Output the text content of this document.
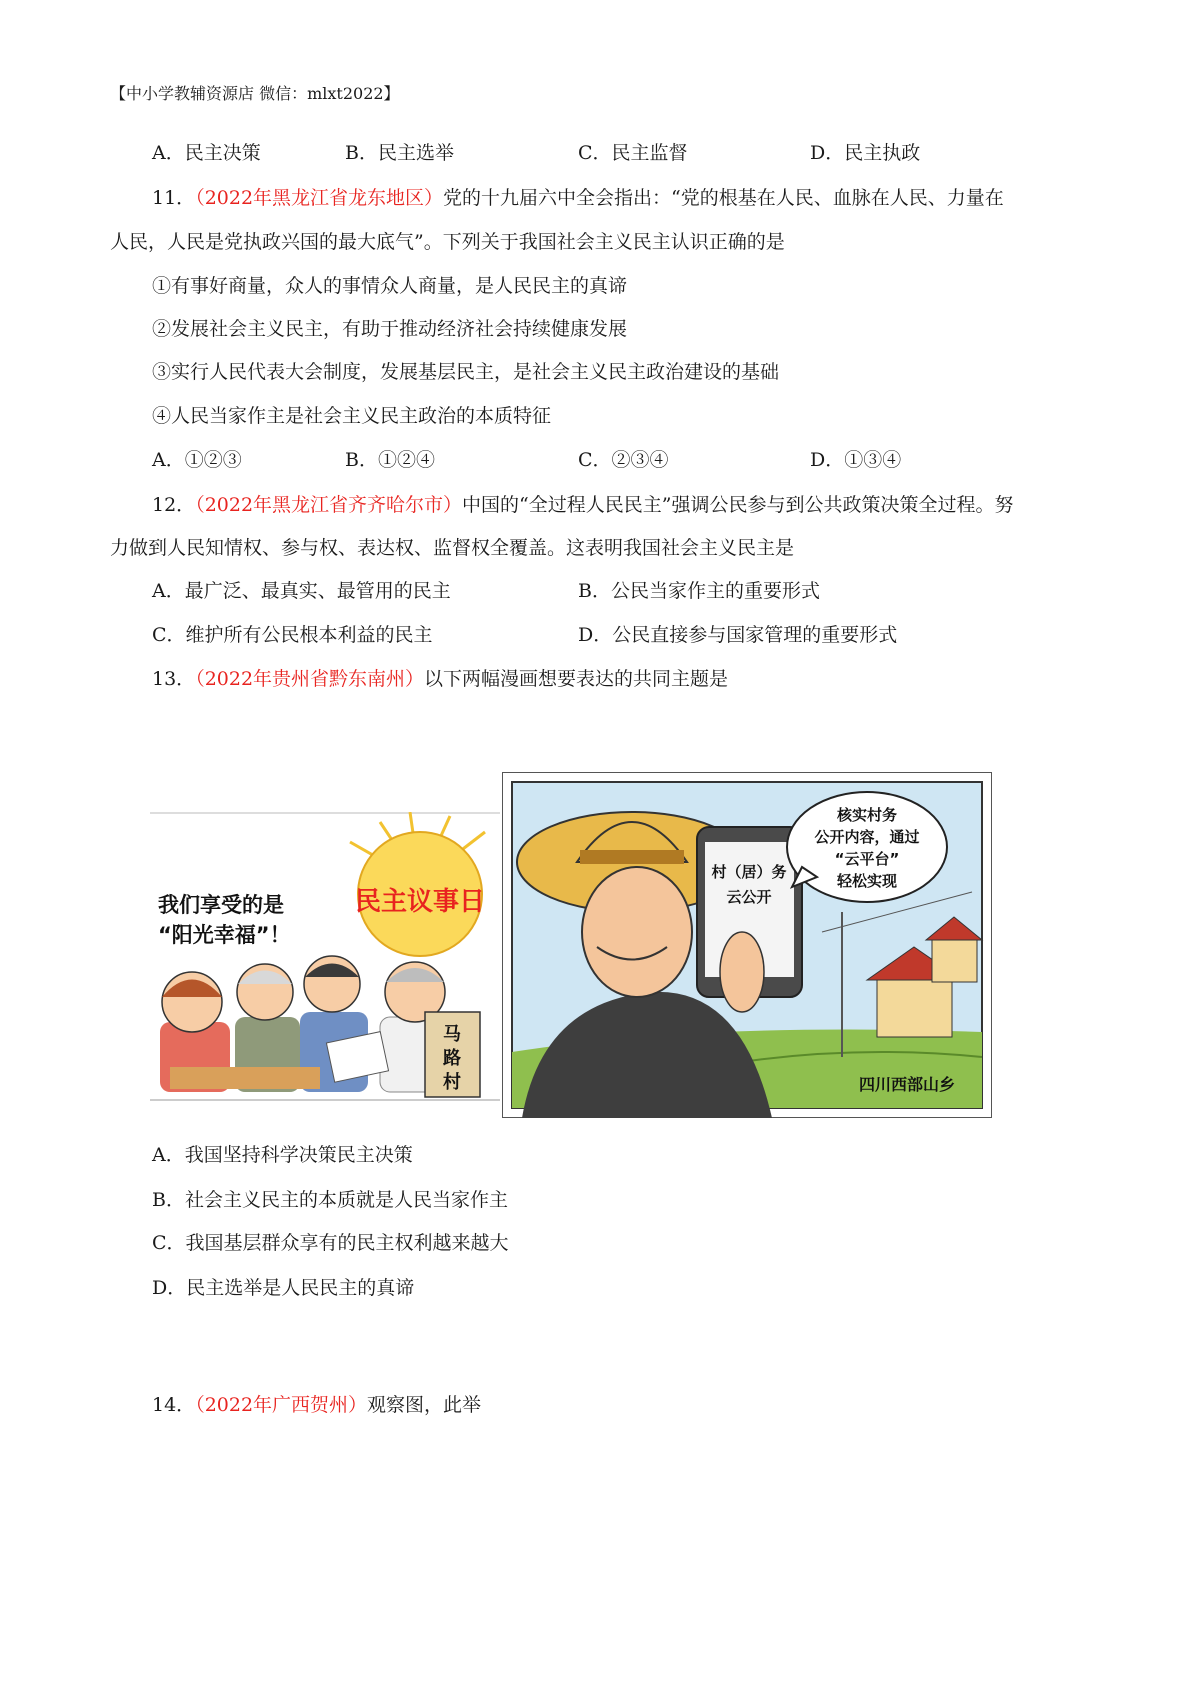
【中小学教辅资源店 微信：mlxt2022】
A．民主决策	B．民主选举	C．民主监督	D．民主执政
11．（2022年黑龙江省龙东地区）党的十九届六中全会指出：“党的根基在人民、血脉在人民、力量在
人民，人民是党执政兴国的最大底气”。下列关于我国社会主义民主认识正确的是
①有事好商量，众人的事情众人商量，是人民民主的真谛
②发展社会主义民主，有助于推动经济社会持续健康发展
③实行人民代表大会制度，发展基层民主，是社会主义民主政治建设的基础
④人民当家作主是社会主义民主政治的本质特征
A．①②③	B．①②④	C．②③④	D．①③④
12．（2022年黑龙江省齐齐哈尔市）中国的“全过程人民民主”强调公民参与到公共政策决策全过程。努
力做到人民知情权、参与权、表达权、监督权全覆盖。这表明我国社会主义民主是
A．最广泛、最真实、最管用的民主	B．公民当家作主的重要形式
C．维护所有公民根本利益的民主	D．公民直接参与国家管理的重要形式
13．（2022年贵州省黔东南州）以下两幅漫画想要表达的共同主题是
民主议事日
我们享受的是
“阳光幸福”！
马
路
村
村（居）务
云公开
核实村务
公开内容，通过
“云平台”
轻松实现
四川西部山乡
A．我国坚持科学决策民主决策
B．社会主义民主的本质就是人民当家作主
C．我国基层群众享有的民主权利越来越大
D．民主选举是人民民主的真谛
14．（2022年广西贺州）观察图，此举
